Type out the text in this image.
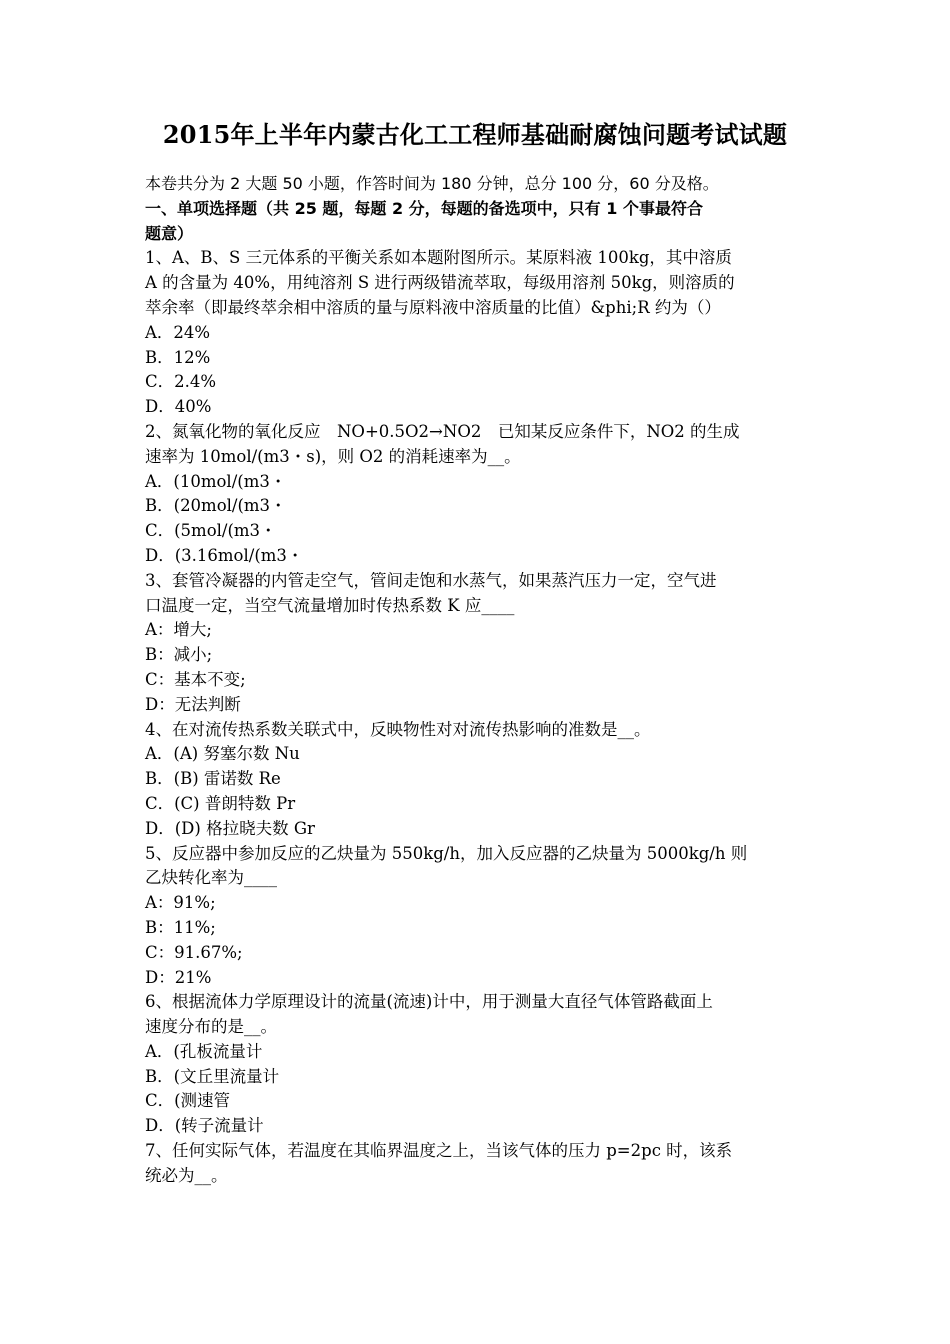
2015年上半年内蒙古化工工程师基础耐腐蚀问题考试试题
本卷共分为 2 大题 50 小题，作答时间为 180 分钟，总分 100 分，60 分及格。
一、单项选择题（共 25 题，每题 2 分，每题的备选项中，只有 1 个事最符合
题意）
1、A、B、S 三元体系的平衡关系如本题附图所示。某原料液 100kg，其中溶质
A 的含量为 40%，用纯溶剂 S 进行两级错流萃取，每级用溶剂 50kg，则溶质的
萃余率（即最终萃余相中溶质的量与原料液中溶质量的比值）&phi;R 约为（）
A．24%
B．12%
C．2.4%
D．40%
2、氮氧化物的氧化反应　NO+0.5O2→NO2　已知某反应条件下，NO2 的生成
速率为 10mol/(m3・s)，则 O2 的消耗速率为__。
A．(10mol/(m3・
B．(20mol/(m3・
C．(5mol/(m3・
D．(3.16mol/(m3・
3、套管冷凝器的内管走空气，管间走饱和水蒸气，如果蒸汽压力一定，空气进
口温度一定，当空气流量增加时传热系数 K 应____
A：增大;
B：减小;
C：基本不变;
D：无法判断
4、在对流传热系数关联式中，反映物性对对流传热影响的准数是__。
A．(A) 努塞尔数 Nu
B．(B) 雷诺数 Re
C．(C) 普朗特数 Pr
D．(D) 格拉晓夫数 Gr
5、反应器中参加反应的乙炔量为 550kg/h，加入反应器的乙炔量为 5000kg/h 则
乙炔转化率为____
A：91%;
B：11%;
C：91.67%;
D：21%
6、根据流体力学原理设计的流量(流速)计中，用于测量大直径气体管路截面上
速度分布的是__。
A．(孔板流量计
B．(文丘里流量计
C．(测速管
D．(转子流量计
7、任何实际气体，若温度在其临界温度之上，当该气体的压力 p=2pc 时，该系
统必为__。
